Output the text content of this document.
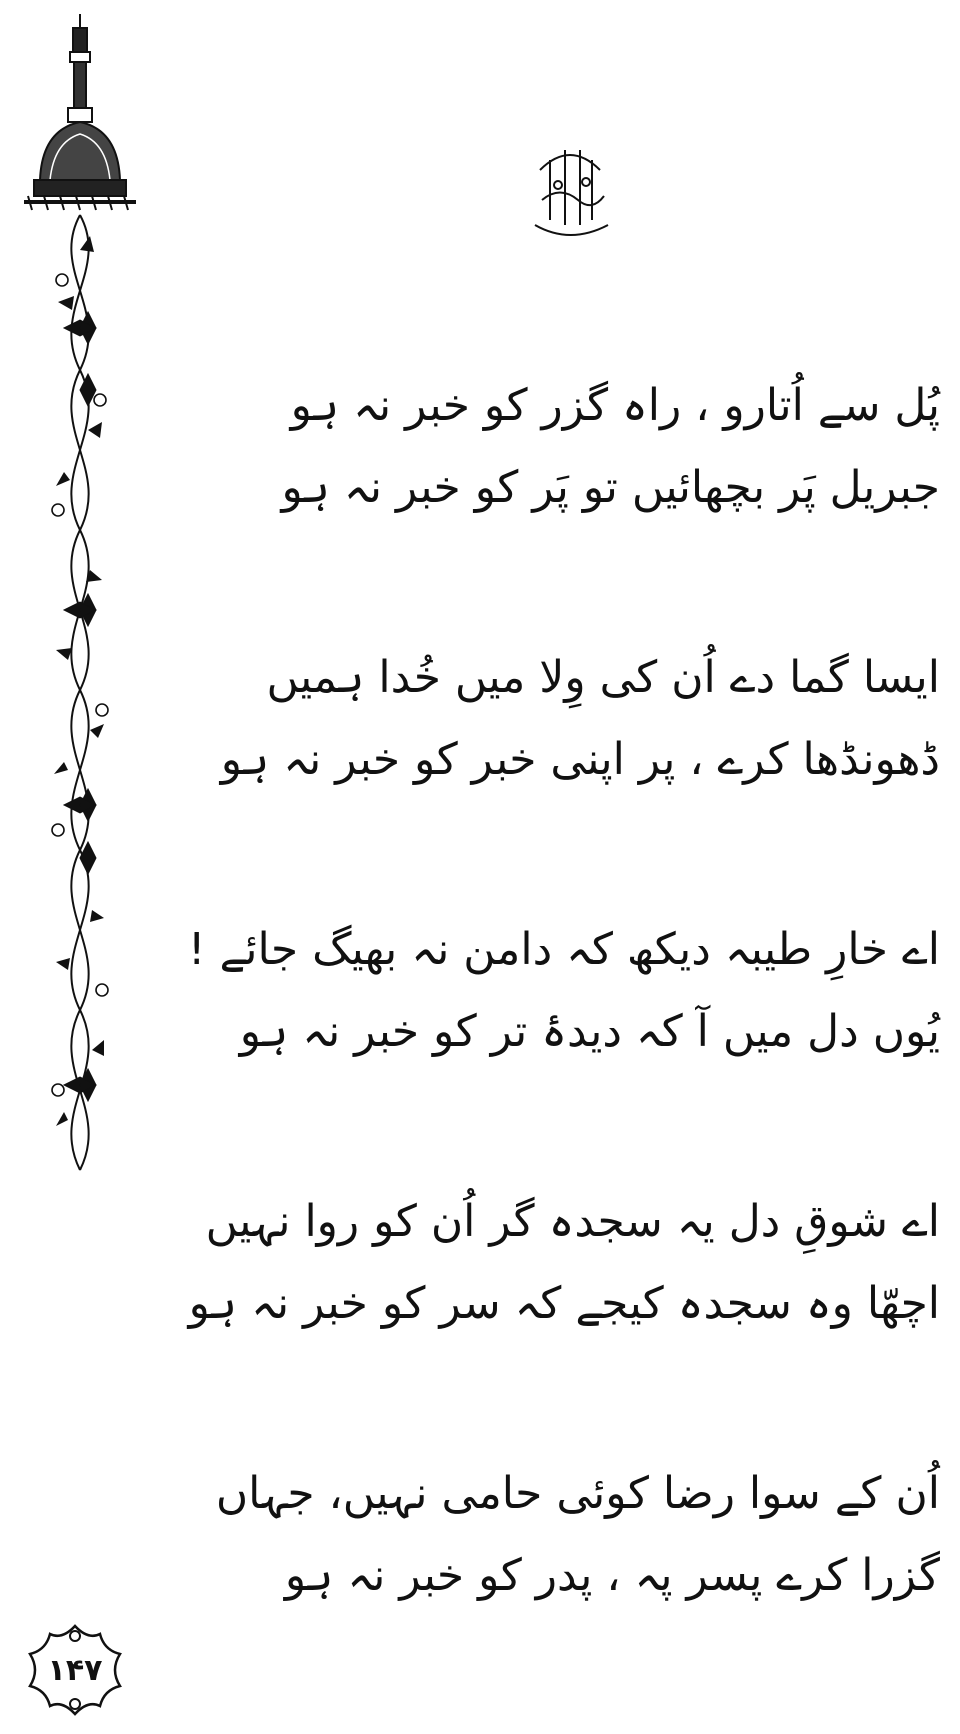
پُل سے اُتارو ، راہ گزر کو خبر نہ ہو
جبریل پَر بچھائیں تو پَر کو خبر نہ ہو
ایسا گما دے اُن کی وِلا میں خُدا ہمیں
ڈھونڈھا کرے ، پر اپنی خبر کو خبر نہ ہو
اے خارِ طیبہ دیکھ کہ دامن نہ بھیگ جائے !
یُوں دل میں آ کہ دیدۂ تر کو خبر نہ ہو
اے شوقِ دل یہ سجدہ گر اُن کو روا نہیں
اچھّا وہ سجدہ کیجے کہ سر کو خبر نہ ہو
اُن کے سوا رضا کوئی حامی نہیں، جہاں
گزرا کرے پسر پہ ، پدر کو خبر نہ ہو
۱۴۷
